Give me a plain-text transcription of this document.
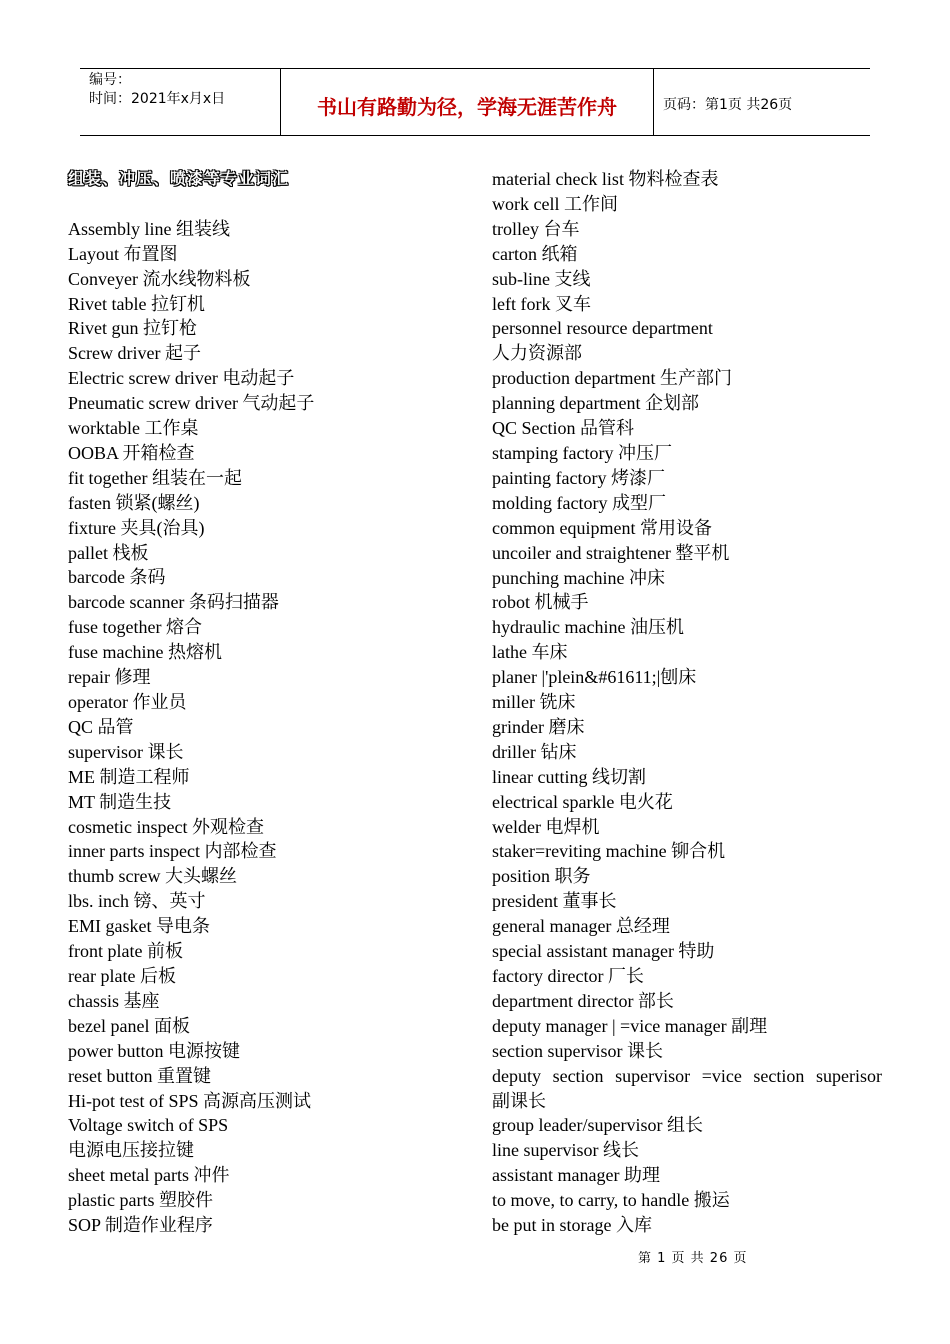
编号：
时间：2021年x月x日	书山有路勤为径，学海无涯苦作舟	页码：第1页 共26页
组装、冲压、喷漆等专业词汇
Assembly line 组装线
Layout 布置图
Conveyer 流水线物料板
Rivet table 拉钉机
Rivet gun 拉钉枪
Screw driver 起子
Electric screw driver 电动起子
Pneumatic screw driver 气动起子
worktable 工作桌
OOBA 开箱检查
fit together 组装在一起
fasten 锁紧(螺丝)
fixture 夹具(治具)
pallet 栈板
barcode 条码
barcode scanner 条码扫描器
fuse together 熔合
fuse machine 热熔机
repair 修理
operator 作业员
QC 品管
supervisor 课长
ME 制造工程师
MT 制造生技
cosmetic inspect 外观检查
inner parts inspect 内部检查
thumb screw 大头螺丝
lbs. inch 镑、英寸
EMI gasket 导电条
front plate 前板
rear plate 后板
chassis 基座
bezel panel 面板
power button 电源按键
reset button 重置键
Hi-pot test of SPS 高源高压测试
Voltage switch of SPS
电源电压接拉键
sheet metal parts 冲件
plastic parts 塑胶件
SOP 制造作业程序
material check list 物料检查表
work cell 工作间
trolley 台车
carton 纸箱
sub-line 支线
left fork 叉车
personnel resource department
人力资源部
production department 生产部门
planning department 企划部
QC Section 品管科
stamping factory 冲压厂
painting factory 烤漆厂
molding factory 成型厂
common equipment 常用设备
uncoiler and straightener 整平机
punching machine 冲床
robot 机械手
hydraulic machine 油压机
lathe 车床
planer |'plein&#61611;|刨床
miller 铣床
grinder 磨床
driller 钻床
linear cutting 线切割
electrical sparkle 电火花
welder 电焊机
staker=reviting machine 铆合机
position 职务
president 董事长
general manager 总经理
special assistant manager 特助
factory director 厂长
department director 部长
deputy manager | =vice manager 副理
section supervisor 课长
deputy section supervisor =vice section superisor
副课长
group leader/supervisor 组长
line supervisor 线长
assistant manager 助理
to move, to carry, to handle 搬运
be put in storage 入库
第 1 页 共 26 页
